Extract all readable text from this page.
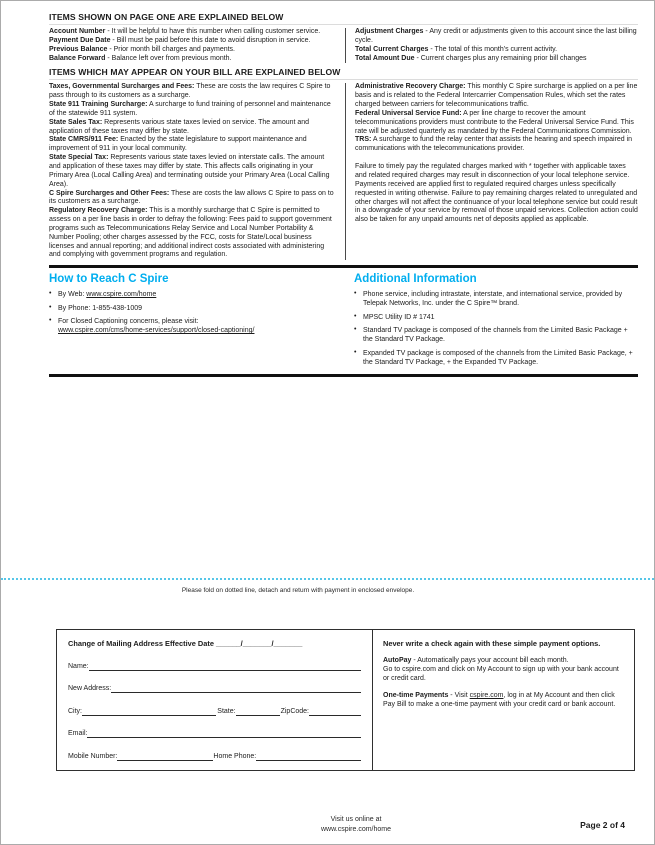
ITEMS SHOWN ON PAGE ONE ARE EXPLAINED BELOW
Account Number - It will be helpful to have this number when calling customer service.
Payment Due Date - Bill must be paid before this date to avoid disruption in service.
Previous Balance - Prior month bill charges and payments.
Balance Forward - Balance left over from previous month.
Adjustment Charges - Any credit or adjustments given to this account since the last billing cycle.
Total Current Charges - The total of this month's current activity.
Total Amount Due - Current charges plus any remaining prior bill changes
ITEMS WHICH MAY APPEAR ON YOUR BILL ARE EXPLAINED BELOW
Taxes, Governmental Surcharges and Fees: These are costs the law requires C Spire to pass through to its customers as a surcharge.
State 911 Training Surcharge: A surcharge to fund training of personnel and maintenance of the statewide 911 system.
State Sales Tax: Represents various state taxes levied on service. The amount and application of these taxes may differ by state.
State CMRS/911 Fee: Enacted by the state legislature to support maintenance and improvement of 911 in your local community.
State Special Tax: Represents various state taxes levied on interstate calls. The amount and application of these taxes may differ by state. This affects calls originating in your Primary Area (Local Calling Area) and terminating outside your Primary Area (Local Calling Area).
C Spire Surcharges and Other Fees: These are costs the law allows C Spire to pass on to its customers as a surcharge.
Regulatory Recovery Charge: This is a monthly surcharge that C Spire is permitted to assess on a per line basis in order to defray the following: Fees paid to support government programs such as Telecommunications Relay Service and Local Number Portability & Number Pooling; other charges assessed by the FCC, costs for State/Local business licenses and annual reporting; and additional indirect costs associated with administering and complying with government programs and regulation.
Administrative Recovery Charge: This monthly C Spire surcharge is applied on a per line basis and is related to the Federal Intercarrier Compensation Rules, which set the rates charged between carriers for telecommunications traffic.
Federal Universal Service Fund: A per line charge to recover the amount telecommunications providers must contribute to the Federal Universal Service Fund. This rate will be adjusted quarterly as mandated by the Federal Communications Commission.
TRS: A surcharge to fund the relay center that assists the hearing and speech impaired in communications with the telecommunications provider.
Failure to timely pay the regulated charges marked with * together with applicable taxes and related required charges may result in disconnection of your local telephone service. Payments received are applied first to regulated required charges unless specifically requested in writing otherwise. Failure to pay remaining charges related to unregulated and other charges will not affect the continuance of your local telephone service but could result in a downgrade of your service by removal of those unpaid services. Collection action could also be taken for any unpaid amounts net of deposits applied as applicable.
How to Reach C Spire
• By Web: www.cspire.com/home
• By Phone: 1-855-438-1009
• For Closed Captioning concerns, please visit:
www.cspire.com/cms/home-services/support/closed-captioning/
Additional Information
• Phone service, including intrastate, interstate, and international service, provided by Telepak Networks, Inc. under the C Spire™ brand.
• MPSC Utility ID # 1741
• Standard TV package is composed of the channels from the Limited Basic Package + the Standard TV Package.
• Expanded TV package is composed of the channels from the Limited Basic Package, + the Standard TV Package, + the Expanded TV Package.
Please fold on dotted line, detach and return with payment in enclosed envelope.
Change of Mailing Address Effective Date ______/_______/_______
Name:
New Address:
City:	State:	ZipCode:
Email:
Mobile Number:	Home Phone:
Never write a check again with these simple payment options.
AutoPay - Automatically pays your account bill each month.
Go to cspire.com and click on My Account to sign up with your bank account or credit card.
One-time Payments - Visit cspire.com, log in at My Account and then click Pay Bill to make a one-time payment with your credit card or bank account.
Visit us online at
www.cspire.com/home	Page 2 of 4
